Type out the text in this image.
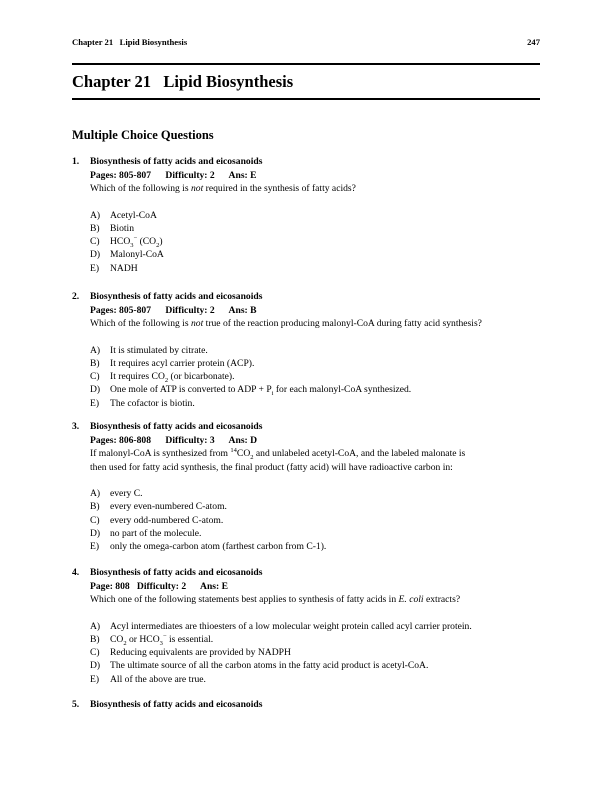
Chapter 21   Lipid Biosynthesis	247
Chapter 21   Lipid Biosynthesis
Multiple Choice Questions
1. Biosynthesis of fatty acids and eicosanoids
Pages: 805-807      Difficulty: 2      Ans: E
Which of the following is not required in the synthesis of fatty acids?
A) Acetyl-CoA
B) Biotin
C) $HCO_3^-$ $(CO_2)$
D) Malonyl-CoA
E) NADH
2. Biosynthesis of fatty acids and eicosanoids
Pages: 805-807      Difficulty: 2      Ans: B
Which of the following is not true of the reaction producing malonyl-CoA during fatty acid synthesis?
A) It is stimulated by citrate.
B) It requires acyl carrier protein (ACP).
C) It requires $CO_2$ (or bicarbonate).
D) One mole of ATP is converted to ADP + $P_i$ for each malonyl-CoA synthesized.
E) The cofactor is biotin.
3. Biosynthesis of fatty acids and eicosanoids
Pages: 806-808      Difficulty: 3      Ans: D
If malonyl-CoA is synthesized from $^{14}CO_2$ and unlabeled acetyl-CoA, and the labeled malonate is
then used for fatty acid synthesis, the final product (fatty acid) will have radioactive carbon in:
A) every C.
B) every even-numbered C-atom.
C) every odd-numbered C-atom.
D) no part of the molecule.
E) only the omega-carbon atom (farthest carbon from C-1).
4. Biosynthesis of fatty acids and eicosanoids
Page: 808   Difficulty: 2      Ans: E
Which one of the following statements best applies to synthesis of fatty acids in E. coli extracts?
A) Acyl intermediates are thioesters of a low molecular weight protein called acyl carrier protein.
B) $CO_2$ or $HCO_3^-$ is essential.
C) Reducing equivalents are provided by NADPH
D) The ultimate source of all the carbon atoms in the fatty acid product is acetyl-CoA.
E) All of the above are true.
5. Biosynthesis of fatty acids and eicosanoids
